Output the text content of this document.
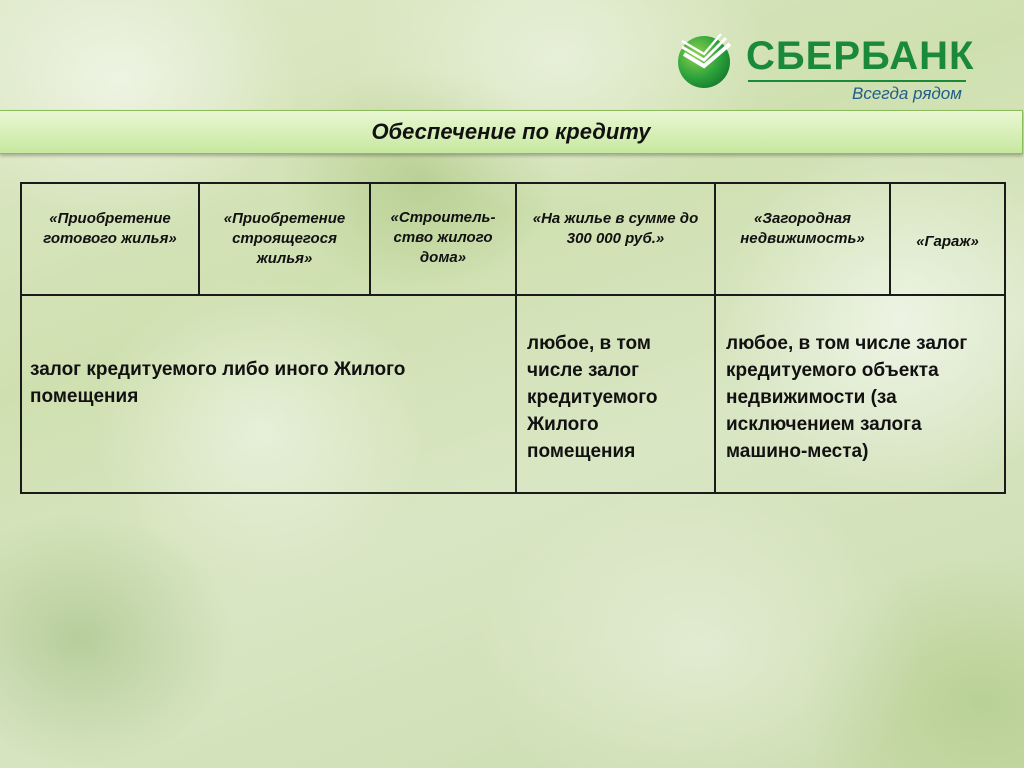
СБЕРБАНК
Всегда рядом
Обеспечение по кредиту
«Приобретение готового жилья»
«Приобретение строящегося жилья»
«Строитель-ство жилого дома»
«На жилье в сумме до 300 000 руб.»
«Загородная недвижимость»	«Гараж»
залог кредитуемого либо иного Жилого помещения
любое, в том числе залог кредитуемого Жилого помещения
любое, в том числе залог кредитуемого объекта недвижимости (за исключением залога машино-места)
